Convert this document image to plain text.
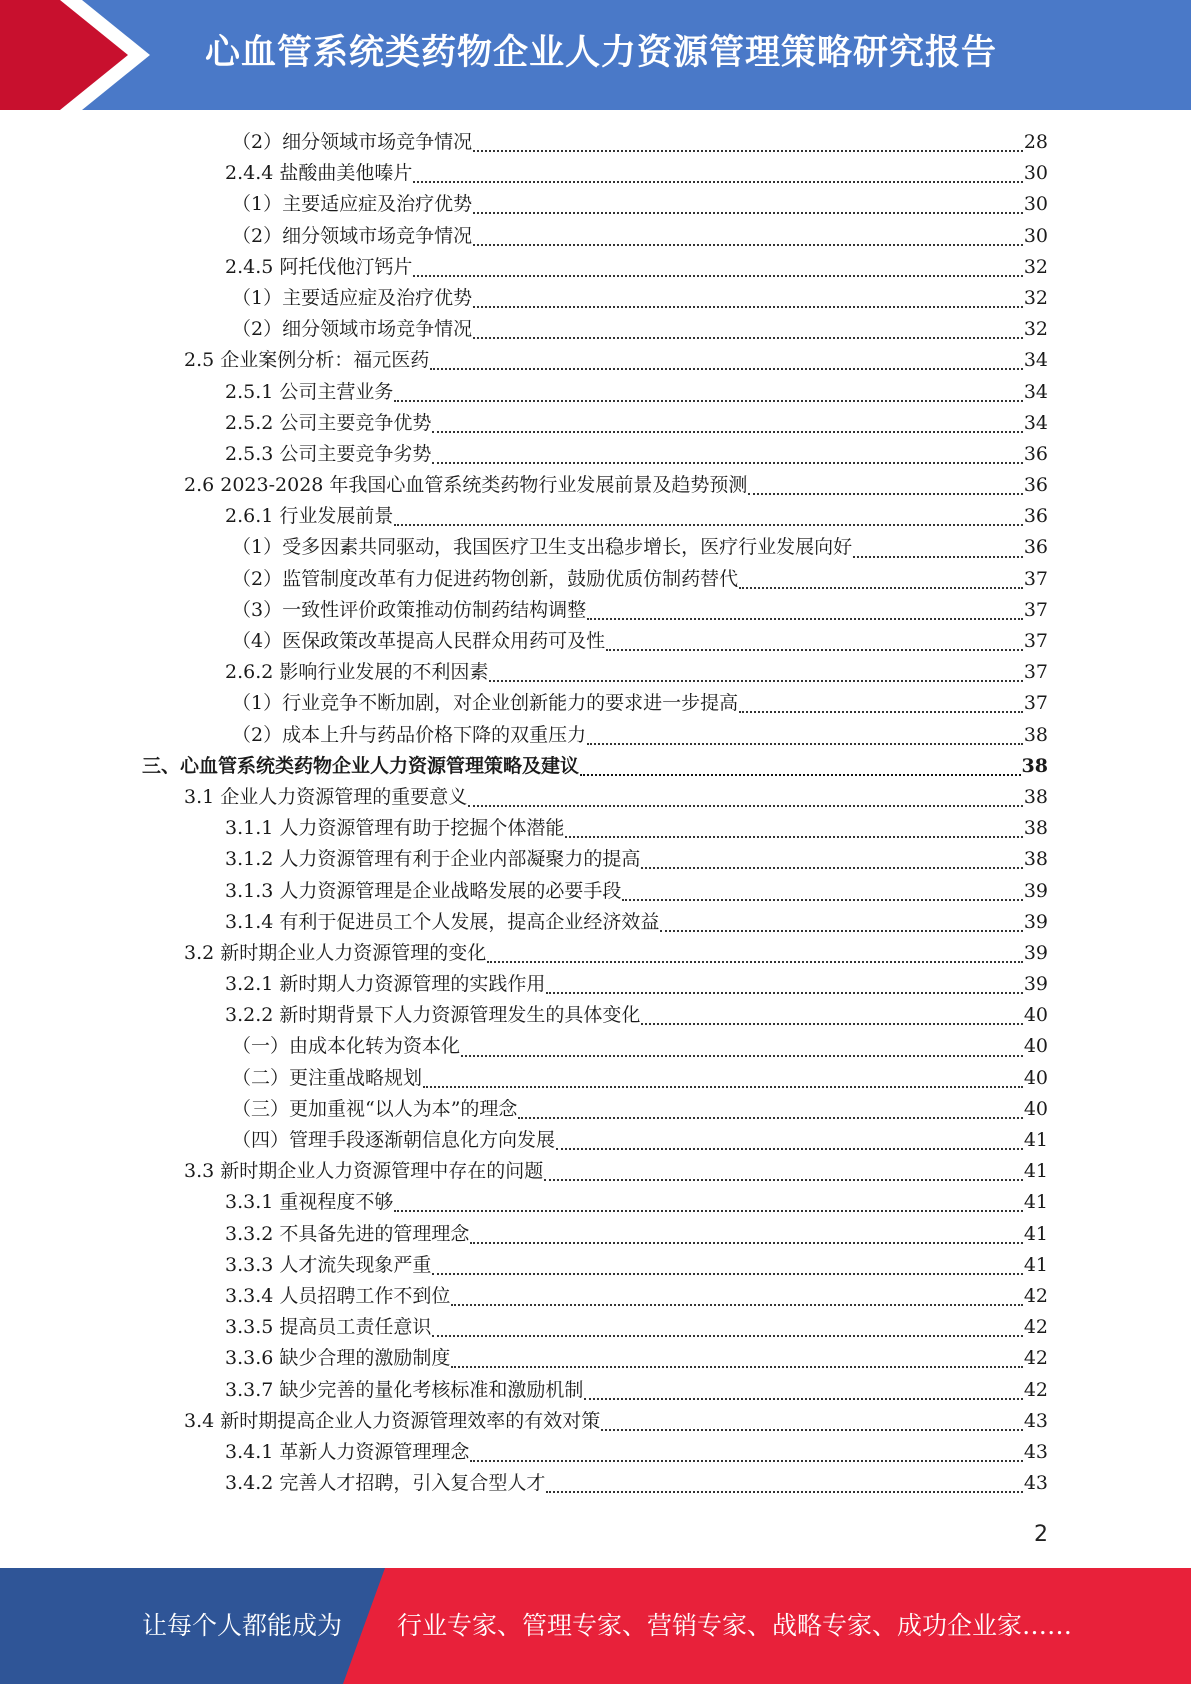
心血管系统类药物企业人力资源管理策略研究报告
（2）细分领域市场竞争情况	28
2.4.4 盐酸曲美他嗪片	30
（1）主要适应症及治疗优势	30
（2）细分领域市场竞争情况	30
2.4.5 阿托伐他汀钙片	32
（1）主要适应症及治疗优势	32
（2）细分领域市场竞争情况	32
2.5 企业案例分析：福元医药	34
2.5.1 公司主营业务	34
2.5.2 公司主要竞争优势	34
2.5.3 公司主要竞争劣势	36
2.6 2023-2028 年我国心血管系统类药物行业发展前景及趋势预测	36
2.6.1 行业发展前景	36
（1）受多因素共同驱动，我国医疗卫生支出稳步增长，医疗行业发展向好	36
（2）监管制度改革有力促进药物创新，鼓励优质仿制药替代	37
（3）一致性评价政策推动仿制药结构调整	37
（4）医保政策改革提高人民群众用药可及性	37
2.6.2 影响行业发展的不利因素	37
（1）行业竞争不断加剧，对企业创新能力的要求进一步提高	37
（2）成本上升与药品价格下降的双重压力	38
三、心血管系统类药物企业人力资源管理策略及建议	38
3.1 企业人力资源管理的重要意义	38
3.1.1 人力资源管理有助于挖掘个体潜能	38
3.1.2 人力资源管理有利于企业内部凝聚力的提高	38
3.1.3 人力资源管理是企业战略发展的必要手段	39
3.1.4 有利于促进员工个人发展，提高企业经济效益	39
3.2 新时期企业人力资源管理的变化	39
3.2.1 新时期人力资源管理的实践作用	39
3.2.2 新时期背景下人力资源管理发生的具体变化	40
（一）由成本化转为资本化	40
（二）更注重战略规划	40
（三）更加重视“以人为本”的理念	40
（四）管理手段逐渐朝信息化方向发展	41
3.3 新时期企业人力资源管理中存在的问题	41
3.3.1 重视程度不够	41
3.3.2 不具备先进的管理理念	41
3.3.3 人才流失现象严重	41
3.3.4 人员招聘工作不到位	42
3.3.5 提高员工责任意识	42
3.3.6 缺少合理的激励制度	42
3.3.7 缺少完善的量化考核标准和激励机制	42
3.4 新时期提高企业人力资源管理效率的有效对策	43
3.4.1 革新人力资源管理理念	43
3.4.2 完善人才招聘，引入复合型人才	43
2
让每个人都能成为 行业专家、管理专家、营销专家、战略专家、成功企业家……
